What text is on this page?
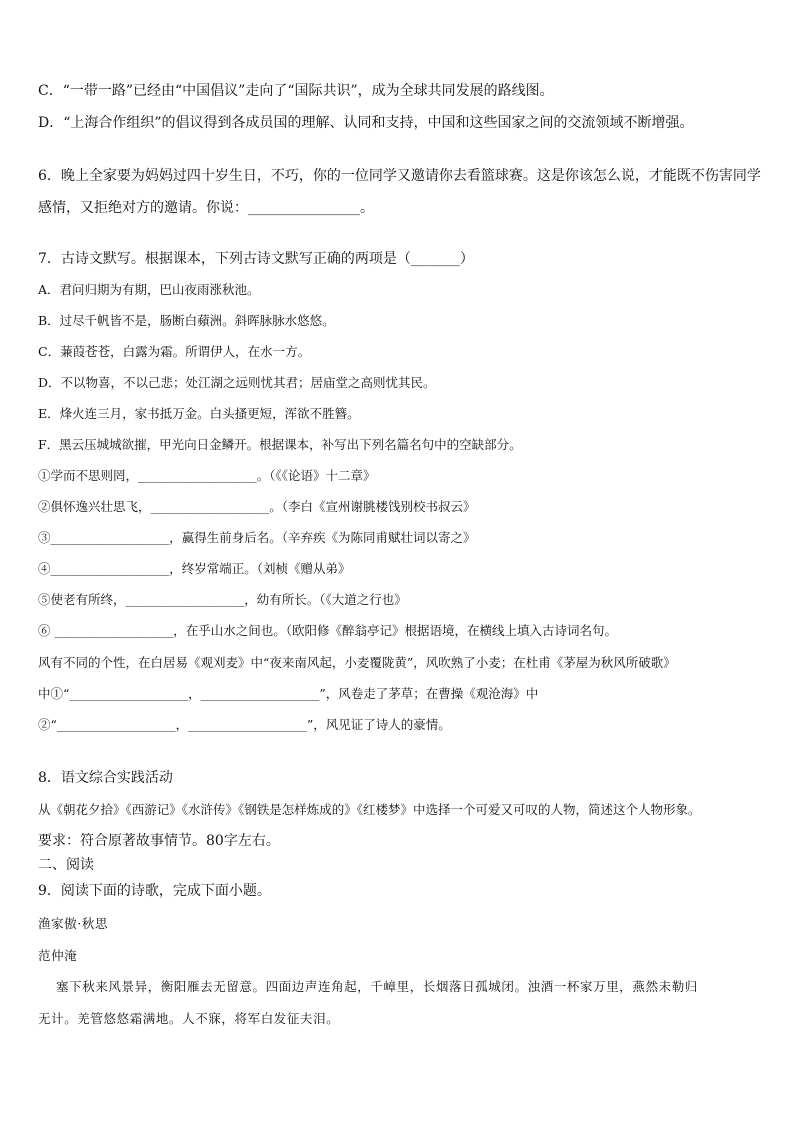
C．“一带一路”已经由“中国倡议”走向了“国际共识”，成为全球共同发展的路线图。
D．“上海合作组织”的倡议得到各成员国的理解、认同和支持，中国和这些国家之间的交流领域不断增强。
6．晚上全家要为妈妈过四十岁生日，不巧，你的一位同学又邀请你去看篮球赛。这是你该怎么说，才能既不伤害同学
感情，又拒绝对方的邀请。你说：________________。
7．古诗文默写。根据课本，下列古诗文默写正确的两项是（_______）
A．君问归期为有期，巴山夜雨涨秋池。
B．过尽千帆皆不是，肠断白蘋洲。斜晖脉脉水悠悠。
C．蒹葭苍苍，白露为霜。所谓伊人，在水一方。
D．不以物喜，不以己悲；处江湖之远则忧其君；居庙堂之高则忧其民。
E．烽火连三月，家书抵万金。白头搔更短，浑欲不胜簪。
F．黑云压城城欲摧，甲光向日金鳞开。根据课本，补写出下列名篇名句中的空缺部分。
①学而不思则罔，___________________。（《《论语》十二章》
②俱怀逸兴壮思飞，___________________。（李白《宣州谢朓楼饯别校书叔云》
③___________________，赢得生前身后名。（辛弃疾《为陈同甫赋壮词以寄之》
④___________________，终岁常端正。（刘桢《赠从弟》
⑤使老有所终，___________________，幼有所长。（《大道之行也》
⑥ ___________________，在乎山水之间也。（欧阳修《醉翁亭记》根据语境，在横线上填入古诗词名句。
风有不同的个性，在白居易《观刈麦》中“夜来南风起，小麦覆陇黄”，风吹熟了小麦；在杜甫《茅屋为秋风所破歌》
中①“___________________，___________________”，风卷走了茅草；在曹操《观沧海》中
②“___________________，___________________”，风见证了诗人的豪情。
8．语文综合实践活动
从《朝花夕拾》《西游记》《水浒传》《钢铁是怎样炼成的》《红楼梦》中选择一个可爱又可叹的人物，简述这个人物形象。
要求：符合原著故事情节。80字左右。
二、阅读
9．阅读下面的诗歌，完成下面小题。
渔家傲·秋思
范仲淹
塞下秋来风景异，衡阳雁去无留意。四面边声连角起，千嶂里，长烟落日孤城闭。浊酒一杯家万里，燕然未勒归
无计。羌管悠悠霜满地。人不寐，将军白发征夫泪。
